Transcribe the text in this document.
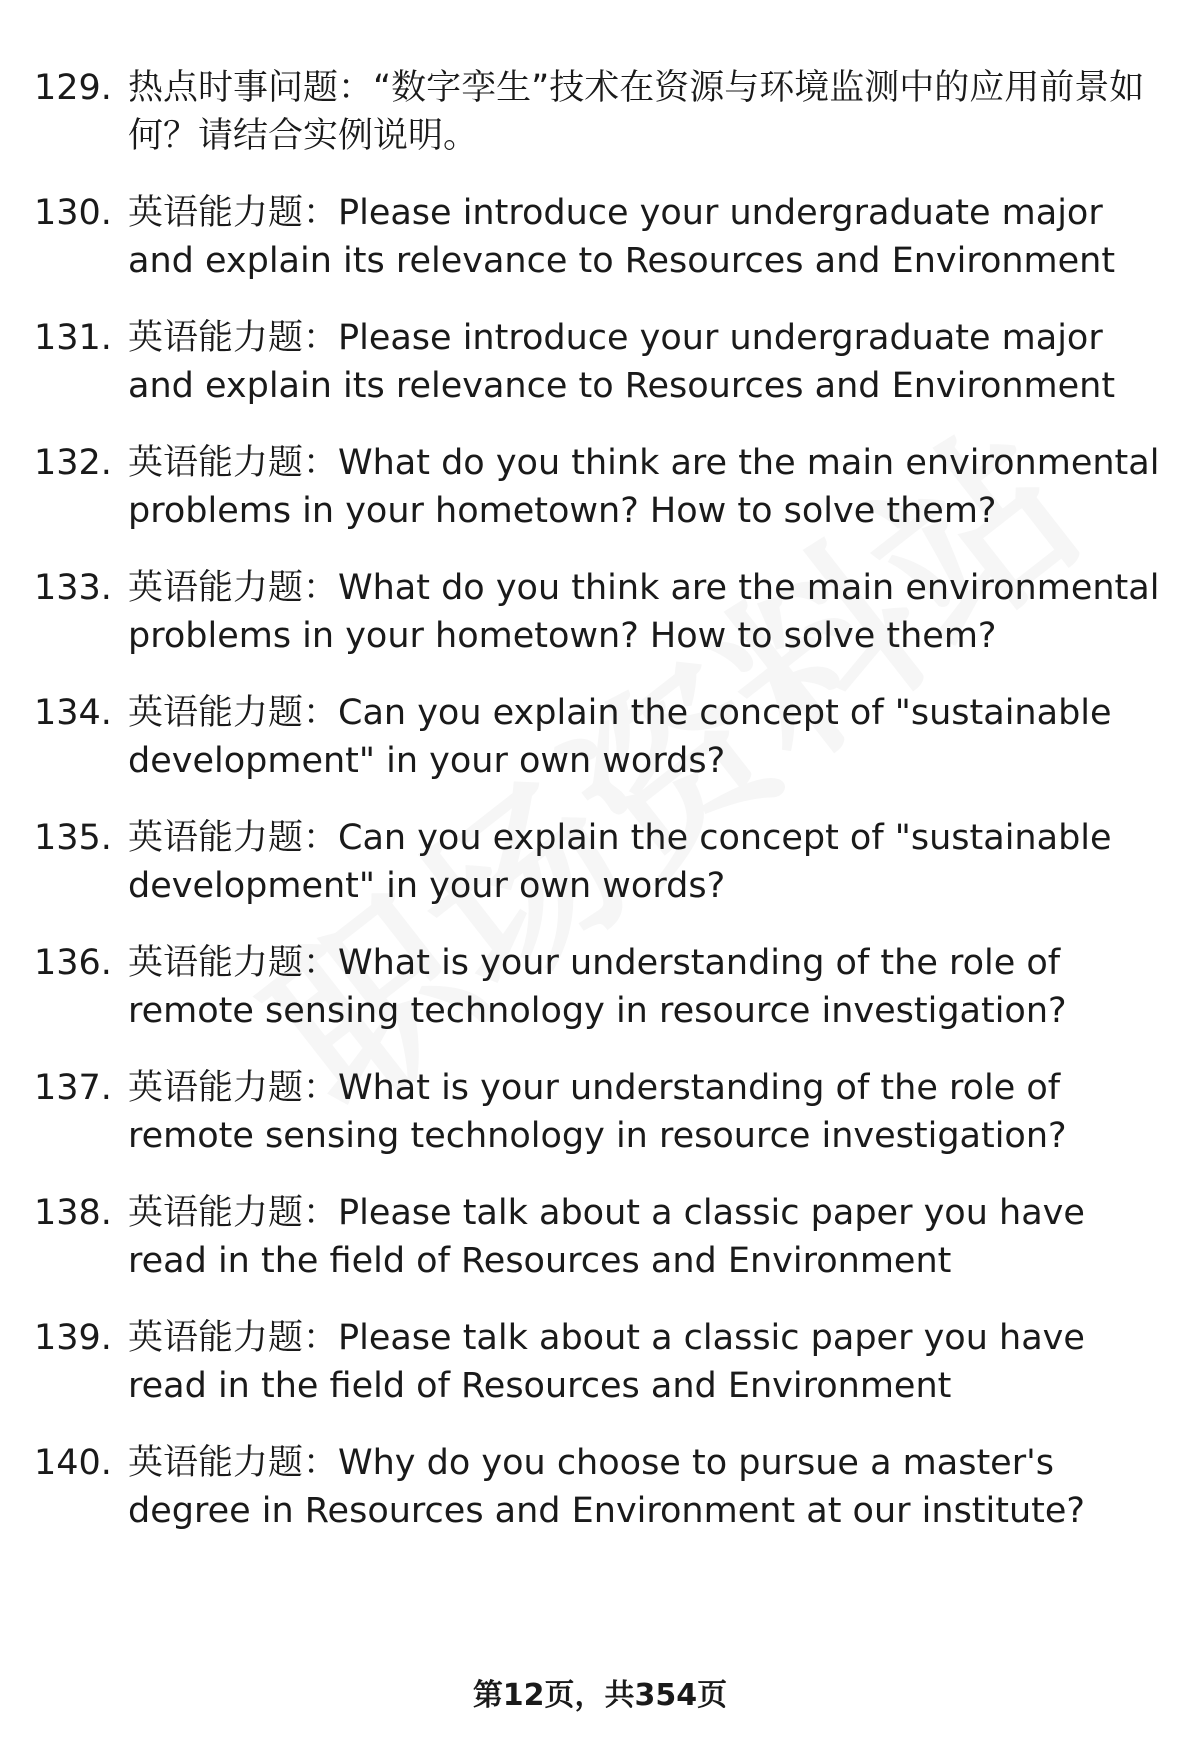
129. 热点时事问题：“数字孪生”技术在资源与环境监测中的应用前景如何？请结合实例说明。
130. 英语能力题：Please introduce your undergraduate major and explain its relevance to Resources and Environment
131. 英语能力题：Please introduce your undergraduate major and explain its relevance to Resources and Environment
132. 英语能力题：What do you think are the main environmental problems in your hometown? How to solve them?
133. 英语能力题：What do you think are the main environmental problems in your hometown? How to solve them?
134. 英语能力题：Can you explain the concept of "sustainable development" in your own words?
135. 英语能力题：Can you explain the concept of "sustainable development" in your own words?
136. 英语能力题：What is your understanding of the role of remote sensing technology in resource investigation?
137. 英语能力题：What is your understanding of the role of remote sensing technology in resource investigation?
138. 英语能力题：Please talk about a classic paper you have read in the field of Resources and Environment
139. 英语能力题：Please talk about a classic paper you have read in the field of Resources and Environment
140. 英语能力题：Why do you choose to pursue a master's degree in Resources and Environment at our institute?
第12页，共354页
